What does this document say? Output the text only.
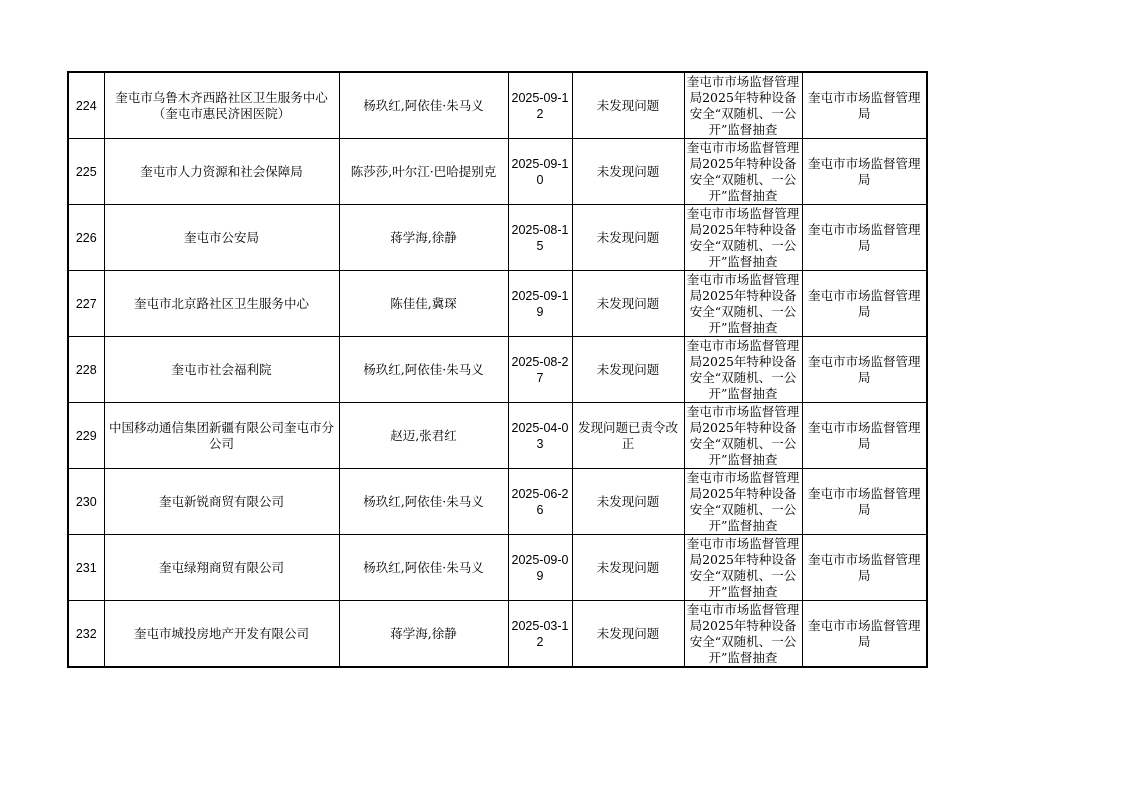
224	奎屯市乌鲁木齐西路社区卫生服务中心（奎屯市惠民济困医院）	杨玖红,阿依佳·朱马义	2025-09-12	未发现问题	奎屯市市场监督管理局2025年特种设备安全“双随机、一公开”监督抽查	奎屯市市场监督管理局
225	奎屯市人力资源和社会保障局	陈莎莎,叶尔江·巴哈提别克	2025-09-10	未发现问题	奎屯市市场监督管理局2025年特种设备安全“双随机、一公开”监督抽查	奎屯市市场监督管理局
226	奎屯市公安局	蒋学海,徐静	2025-08-15	未发现问题	奎屯市市场监督管理局2025年特种设备安全“双随机、一公开”监督抽查	奎屯市市场监督管理局
227	奎屯市北京路社区卫生服务中心	陈佳佳,冀琛	2025-09-19	未发现问题	奎屯市市场监督管理局2025年特种设备安全“双随机、一公开”监督抽查	奎屯市市场监督管理局
228	奎屯市社会福利院	杨玖红,阿依佳·朱马义	2025-08-27	未发现问题	奎屯市市场监督管理局2025年特种设备安全“双随机、一公开”监督抽查	奎屯市市场监督管理局
229	中国移动通信集团新疆有限公司奎屯市分公司	赵迈,张君红	2025-04-03	发现问题已责令改正	奎屯市市场监督管理局2025年特种设备安全“双随机、一公开”监督抽查	奎屯市市场监督管理局
230	奎屯新锐商贸有限公司	杨玖红,阿依佳·朱马义	2025-06-26	未发现问题	奎屯市市场监督管理局2025年特种设备安全“双随机、一公开”监督抽查	奎屯市市场监督管理局
231	奎屯绿翔商贸有限公司	杨玖红,阿依佳·朱马义	2025-09-09	未发现问题	奎屯市市场监督管理局2025年特种设备安全“双随机、一公开”监督抽查	奎屯市市场监督管理局
232	奎屯市城投房地产开发有限公司	蒋学海,徐静	2025-03-12	未发现问题	奎屯市市场监督管理局2025年特种设备安全“双随机、一公开”监督抽查	奎屯市市场监督管理局
